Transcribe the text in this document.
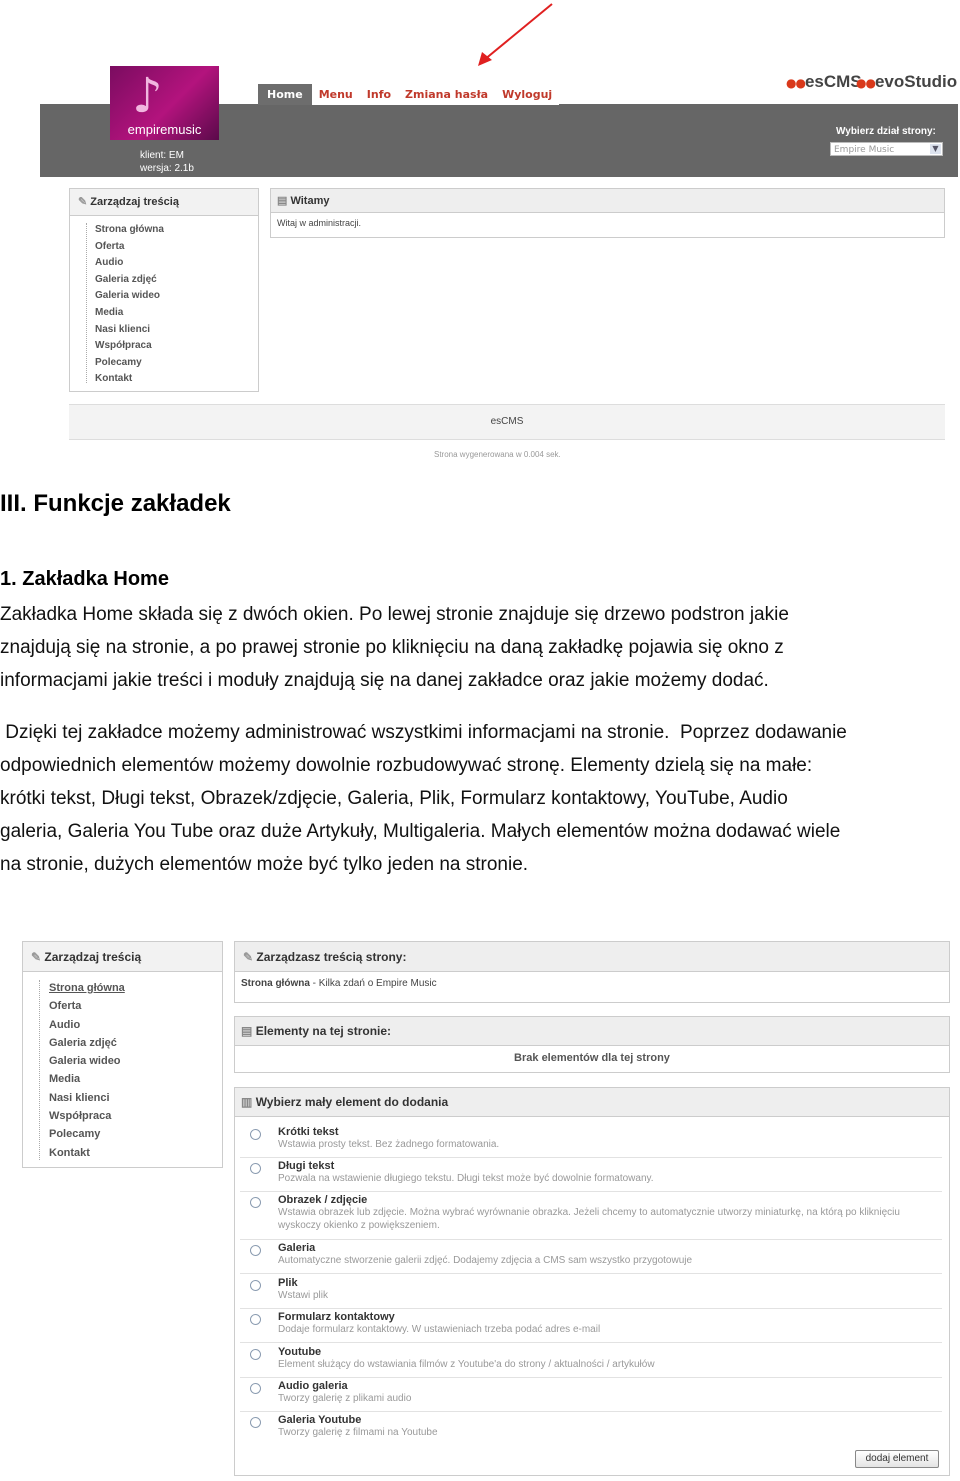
♪
empiremusic
Home	Menu	Info	Zmiana hasła	Wyloguj
klient: EM
wersja: 2.1b
●●esCMS
●●evoStudio
Wybierz dział strony:
Empire Music	▼
✎ Zarządzaj treścią
Strona główna
Oferta
Audio
Galeria zdjęć
Galeria wideo
Media
Nasi klienci
Współpraca
Polecamy
Kontakt
▤ Witamy
Witaj w administracji.
esCMS
Strona wygenerowana w 0.004 sek.
III. Funkcje zakładek
1. Zakładka Home

Zakładka Home składa się z dwóch okien. Po lewej stronie znajduje się drzewo podstron jakie

znajdują się na stronie, a po prawej stronie po kliknięciu na daną zakładkę pojawia się okno z

informacjami jakie treści i moduły znajdują się na danej zakładce oraz jakie możemy dodać.

Dzięki tej zakładce możemy administrować wszystkimi informacjami na stronie.  Poprzez dodawanie

odpowiednich elementów możemy dowolnie rozbudowywać stronę. Elementy dzielą się na małe:

krótki tekst, Długi tekst, Obrazek/zdjęcie, Galeria, Plik, Formularz kontaktowy, YouTube, Audio

galeria, Galeria You Tube oraz duże Artykuły, Multigaleria. Małych elementów można dodawać wiele

na stronie, dużych elementów może być tylko jeden na stronie.

✎ Zarządzaj treścią
Strona główna
Oferta
Audio
Galeria zdjęć
Galeria wideo
Media
Nasi klienci
Współpraca
Polecamy
Kontakt
✎ Zarządzasz treścią strony:
Strona główna - Kilka zdań o Empire Music
▤ Elementy na tej stronie:
Brak elementów dla tej strony
▥ Wybierz mały element do dodania
Krótki tekst
Wstawia prosty tekst. Bez żadnego formatowania.
Długi tekst
Pozwala na wstawienie długiego tekstu. Długi tekst może być dowolnie formatowany.
Obrazek / zdjęcie
Wstawia obrazek lub zdjęcie. Można wybrać wyrównanie obrazka. Jeżeli chcemy to automatycznie utworzy miniaturkę, na którą po kliknięciu
wyskoczy okienko z powiększeniem.
Galeria
Automatyczne stworzenie galerii zdjęć. Dodajemy zdjęcia a CMS sam wszystko przygotowuje
Plik
Wstawi plik
Formularz kontaktowy
Dodaje formularz kontaktowy. W ustawieniach trzeba podać adres e-mail
Youtube
Element służący do wstawiania filmów z Youtube'a do strony / aktualności / artykułów
Audio galeria
Tworzy galerię z plikami audio
Galeria Youtube
Tworzy galerię z filmami na Youtube
dodaj element
